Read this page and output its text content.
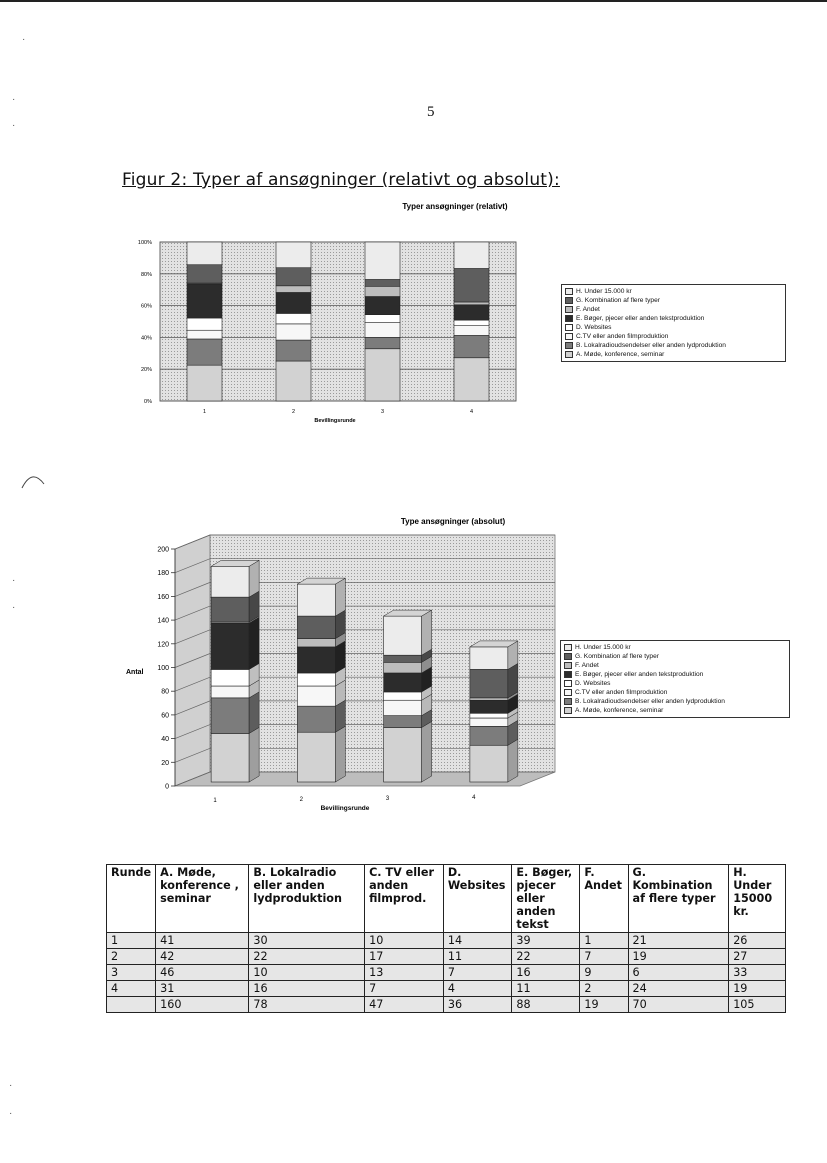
5
Figur 2: Typer af ansøgninger (relativt og absolut):
·
·
·
·
·
·
·
Typer ansøgninger (relativt)
0%
20%
40%
60%
80%
100%
1	2	3	4
Bevillingsrunde
H. Under 15.000 kr
G. Kombination af flere typer
F. Andet
E. Bøger, pjecer eller anden tekstproduktion
D. Websites
C.TV eller anden filmproduktion
B. Lokalradioudsendelser eller anden lydproduktion
A. Møde, konference, seminar
Type ansøgninger (absolut)
0
20
40
60
80
100
120
140
160
180
200
Antal
1	2	3	4
Bevillingsrunde
H. Under 15.000 kr
G. Kombination af flere typer
F. Andet
E. Bøger, pjecer eller anden tekstproduktion
D. Websites
C.TV eller anden filmproduktion
B. Lokalradioudsendelser eller anden lydproduktion
A. Møde, konference, seminar
Runde	A. Møde, konference , seminar	B. Lokalradio eller anden lydproduktion	C. TV eller anden filmprod.	D. Websites	E. Bøger, pjecer eller anden tekst	F. Andet	G. Kombination af flere typer	H. Under 15000 kr.
1	41	30	10	14	39	1	21	26
2	42	22	17	11	22	7	19	27
3	46	10	13	7	16	9	6	33
4	31	16	7	4	11	2	24	19
	160	78	47	36	88	19	70	105
